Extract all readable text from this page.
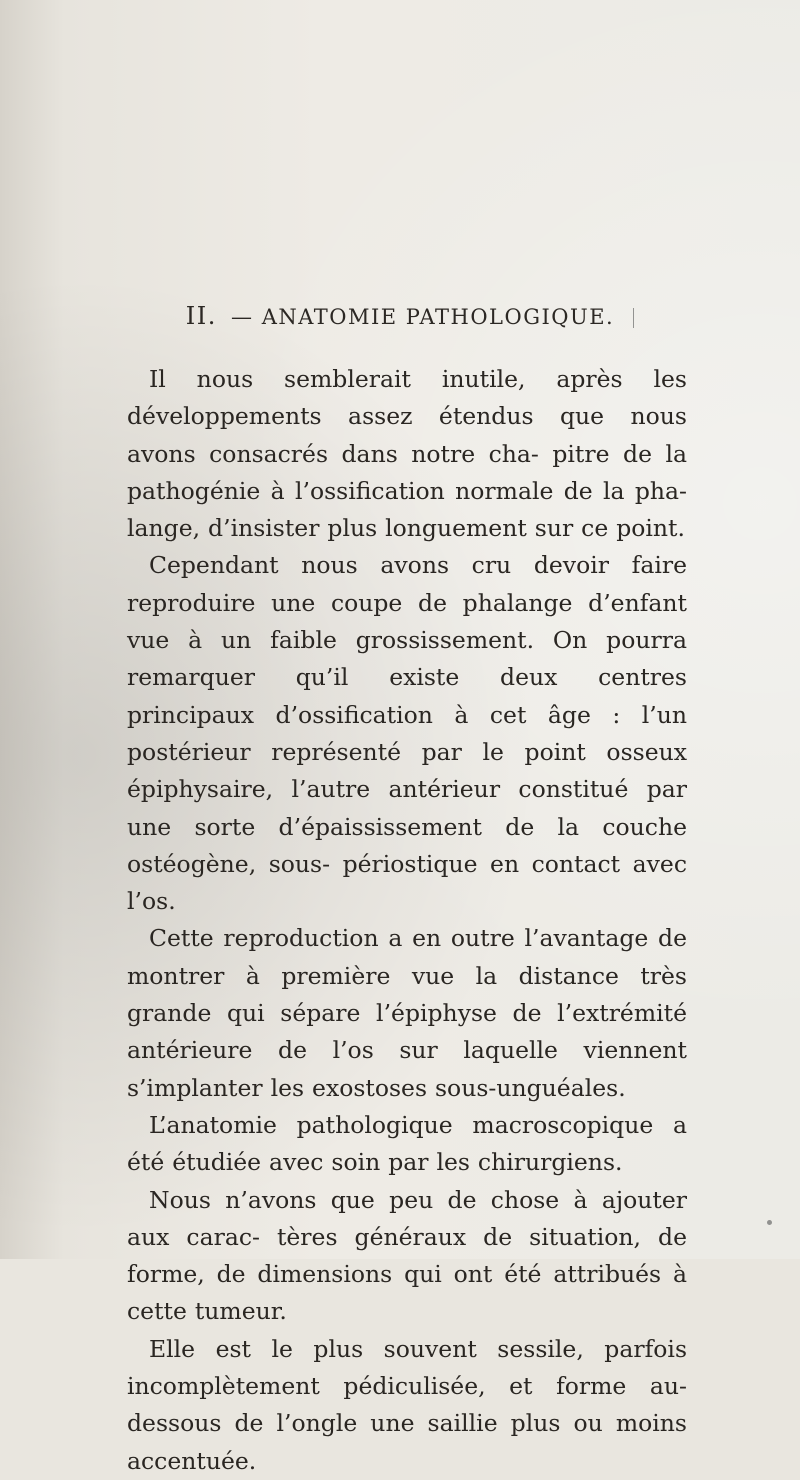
II. — ANATOMIE PATHOLOGIQUE.

Il nous semblerait inutile, après les développements assez étendus que nous avons consacrés dans notre cha- pitre de la pathogénie à l’ossification normale de la pha- lange, d’insister plus longuement sur ce point.

Cependant nous avons cru devoir faire reproduire une coupe de phalange d’enfant vue à un faible grossissement. On pourra remarquer qu’il existe deux centres principaux d’ossification à cet âge : l’un postérieur représenté par le point osseux épiphysaire, l’autre antérieur constitué par une sorte d’épaississement de la couche ostéogène, sous- périostique en contact avec l’os.

Cette reproduction a en outre l’avantage de montrer à première vue la distance très grande qui sépare l’épiphyse de l’extrémité antérieure de l’os sur laquelle viennent s’implanter les exostoses sous-unguéales.

L’anatomie pathologique macroscopique a été étudiée avec soin par les chirurgiens.

Nous n’avons que peu de chose à ajouter aux carac- tères généraux de situation, de forme, de dimensions qui ont été attribués à cette tumeur.

Elle est le plus souvent sessile, parfois incomplètement pédiculisée, et forme au-dessous de l’ongle une saillie plus ou moins accentuée.
